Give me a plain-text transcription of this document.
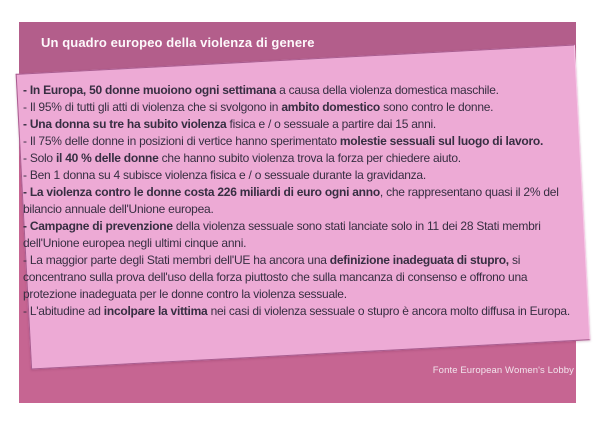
Un quadro europeo della violenza di genere

- In Europa, 50 donne muoiono ogni settimana a causa della violenza domestica maschile.

- Il 95% di tutti gli atti di violenza che si svolgono in ambito domestico sono contro le donne.

- Una donna su tre ha subito violenza fisica e / o sessuale a partire dai 15 anni.

- Il 75% delle donne in posizioni di vertice hanno sperimentato molestie sessuali sul luogo di lavoro.

- Solo il 40 % delle donne che hanno subito violenza trova la forza per chiedere aiuto.

- Ben 1 donna su 4 subisce violenza fisica e / o sessuale durante la gravidanza.

- La violenza contro le donne costa 226 miliardi di euro ogni anno, che rappresentano quasi il 2% del bilancio annuale dell'Unione europea.

- Campagne di prevenzione della violenza sessuale sono stati lanciate solo in 11 dei 28 Stati membri dell'Unione europea negli ultimi cinque anni.

- La maggior parte degli Stati membri dell'UE ha ancora una definizione inadeguata di stupro, si concentrano sulla prova dell'uso della forza piuttosto che sulla mancanza di consenso e offrono una protezione inadeguata per le donne contro la violenza sessuale.

- L'abitudine ad incolpare la vittima nei casi di violenza sessuale o stupro è ancora molto diffusa in Europa.

Fonte European Women's Lobby
